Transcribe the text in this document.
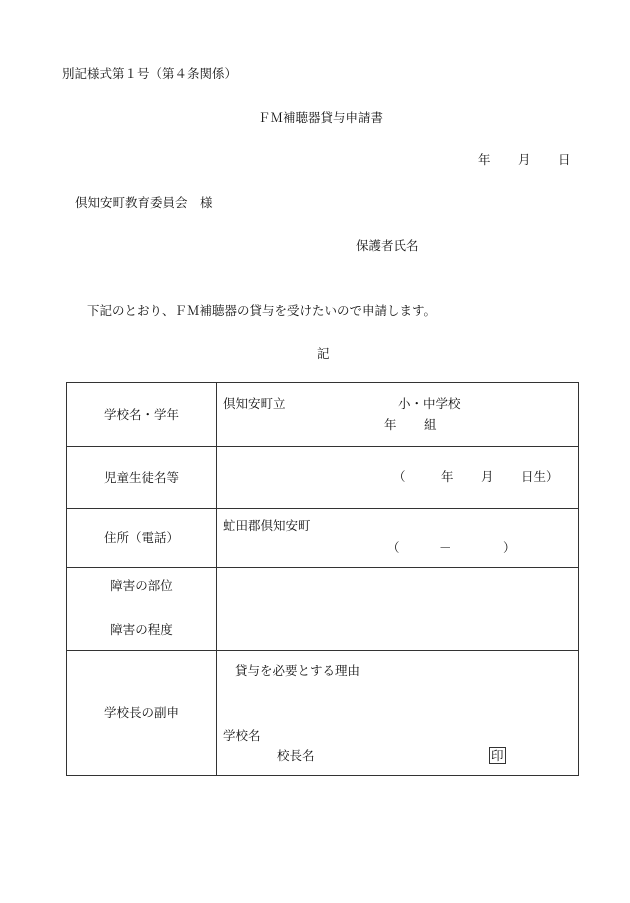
別記様式第１号（第４条関係）
ＦＭ補聴器貸与申請書
年 月 日
倶知安町教育委員会　様
保護者氏名
下記のとおり、ＦＭ補聴器の貸与を受けたいので申請します。
記
学校名・学年	倶知安町立 小・中学校
年 組

児童生徒名等	（ 年 月 日生）

住所（電話）	虻田郡倶知安町
（ － ）

障害の部位
障害の程度	

学校長の副申	貸与を必要とする理由
学校名
校長名 印
